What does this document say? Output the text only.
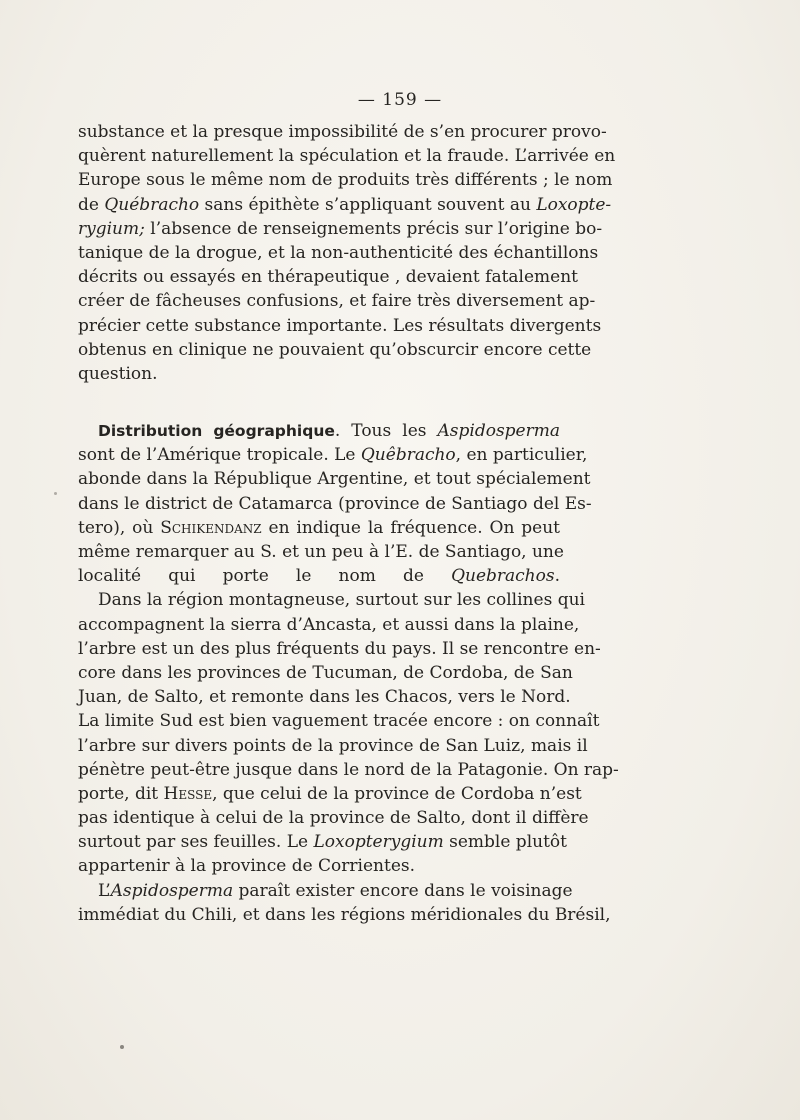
— 159 —
substance et la presque impossibilité de s’en procurer provo-
quèrent naturellement la spéculation et la fraude. L’arrivée en
Europe sous le même nom de produits très différents ; le nom
de Québracho sans épithète s’appliquant souvent au Loxopte-
rygium; l’absence de renseignements précis sur l’origine bo-
tanique de la drogue, et la non-authenticité des échantillons
décrits ou essayés en thérapeutique , devaient fatalement
créer de fâcheuses confusions, et faire très diversement ap-
précier cette substance importante. Les résultats divergents
obtenus en clinique ne pouvaient qu’obscurcir encore cette
question.
Distribution géographique. Tous les Aspidosperma
sont de l’Amérique tropicale. Le Quêbracho, en particulier,
abonde dans la République Argentine, et tout spécialement
dans le district de Catamarca (province de Santiago del Es-
tero), où Schikendanz en indique la fréquence. On peut
même remarquer au S. et un peu à l’E. de Santiago, une
localité qui porte le nom de Quebrachos.
Dans la région montagneuse, surtout sur les collines qui
accompagnent la sierra d’Ancasta, et aussi dans la plaine,
l’arbre est un des plus fréquents du pays. Il se rencontre en-
core dans les provinces de Tucuman, de Cordoba, de San
Juan, de Salto, et remonte dans les Chacos, vers le Nord.
La limite Sud est bien vaguement tracée encore : on connaît
l’arbre sur divers points de la province de San Luiz, mais il
pénètre peut-être jusque dans le nord de la Patagonie. On rap-
porte, dit Hesse, que celui de la province de Cordoba n’est
pas identique à celui de la province de Salto, dont il diffère
surtout par ses feuilles. Le Loxopterygium semble plutôt
appartenir à la province de Corrientes.
L’Aspidosperma paraît exister encore dans le voisinage
immédiat du Chili, et dans les régions méridionales du Brésil,
